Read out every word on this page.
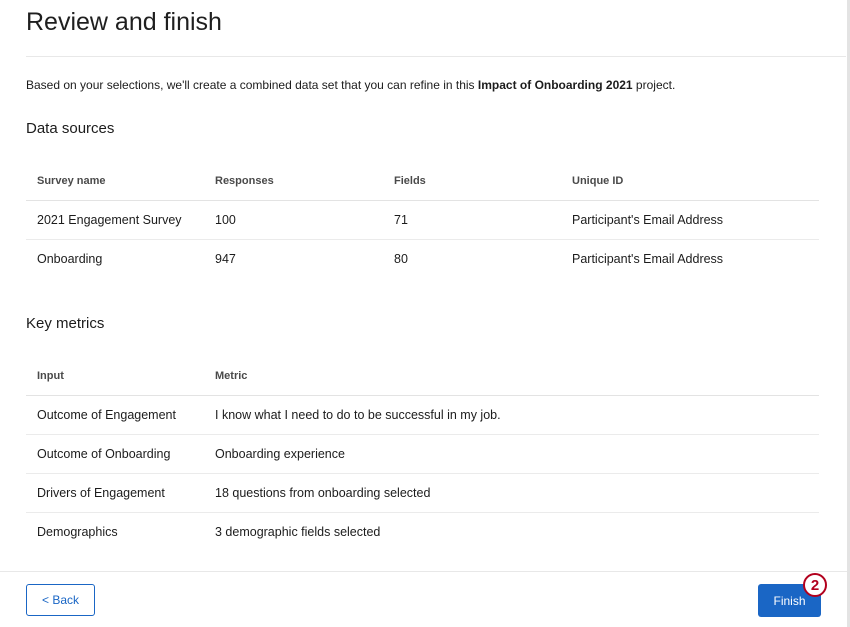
Review and finish
Based on your selections, we'll create a combined data set that you can refine in this Impact of Onboarding 2021 project.
Data sources
Survey name	Responses	Fields	Unique ID
2021 Engagement Survey	100	71	Participant's Email Address
Onboarding	947	80	Participant's Email Address
Key metrics
Input	Metric
Outcome of Engagement	I know what I need to do to be successful in my job.
Outcome of Onboarding	Onboarding experience
Drivers of Engagement	18 questions from onboarding selected
Demographics	3 demographic fields selected
< Back	Finish
2
